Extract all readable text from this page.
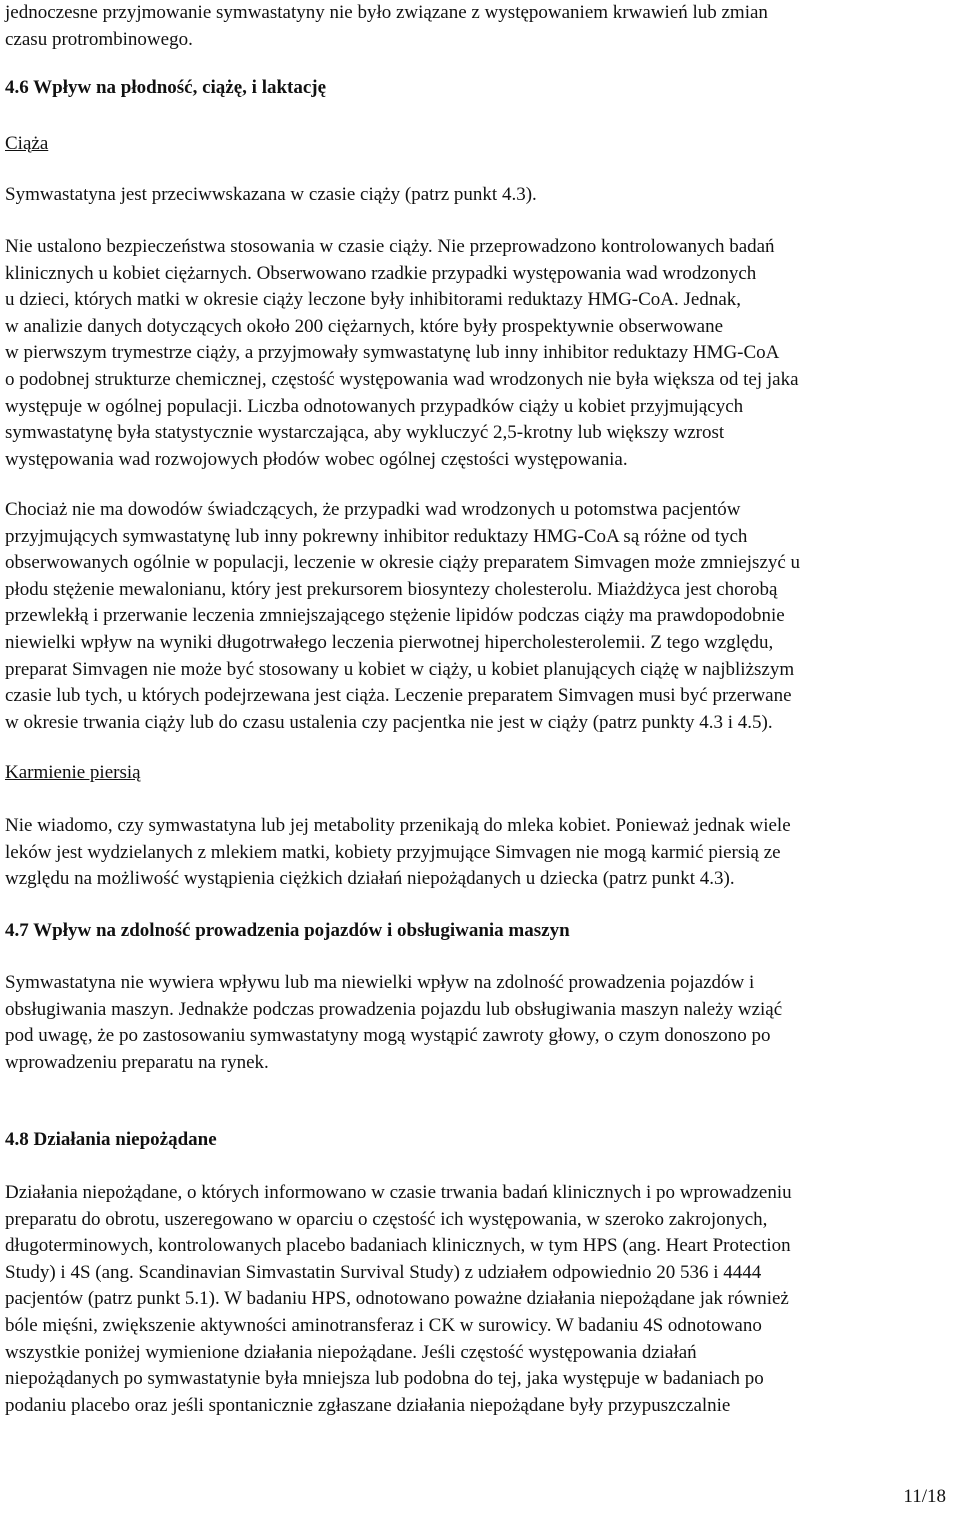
jednoczesne przyjmowanie symwastatyny nie było związane z występowaniem krwawień lub zmian
czasu protrombinowego.

4.6 Wpływ na płodność, ciążę, i laktację
Ciąża

Symwastatyna jest przeciwwskazana w czasie ciąży (patrz punkt 4.3).

Nie ustalono bezpieczeństwa stosowania w czasie ciąży. Nie przeprowadzono kontrolowanych badań
klinicznych u kobiet ciężarnych. Obserwowano rzadkie przypadki występowania wad wrodzonych
u dzieci, których matki w okresie ciąży leczone były inhibitorami reduktazy HMG-CoA. Jednak,
w analizie danych dotyczących około 200 ciężarnych, które były prospektywnie obserwowane
w pierwszym trymestrze ciąży, a przyjmowały symwastatynę lub inny inhibitor reduktazy HMG-CoA
o podobnej strukturze chemicznej, częstość występowania wad wrodzonych nie była większa od tej jaka
występuje w ogólnej populacji. Liczba odnotowanych przypadków ciąży u kobiet przyjmujących
symwastatynę była statystycznie wystarczająca, aby wykluczyć 2,5-krotny lub większy wzrost
występowania wad rozwojowych płodów wobec ogólnej częstości występowania.

Chociaż nie ma dowodów świadczących, że przypadki wad wrodzonych u potomstwa pacjentów
przyjmujących symwastatynę lub inny pokrewny inhibitor reduktazy HMG-CoA są różne od tych
obserwowanych ogólnie w populacji, leczenie w okresie ciąży preparatem Simvagen może zmniejszyć u
płodu stężenie mewalonianu, który jest prekursorem biosyntezy cholesterolu. Miażdżyca jest chorobą
przewlekłą i przerwanie leczenia zmniejszającego stężenie lipidów podczas ciąży ma prawdopodobnie
niewielki wpływ na wyniki długotrwałego leczenia pierwotnej hipercholesterolemii. Z tego względu,
preparat Simvagen nie może być stosowany u kobiet w ciąży, u kobiet planujących ciążę w najbliższym
czasie lub tych, u których podejrzewana jest ciąża. Leczenie preparatem Simvagen musi być przerwane
w okresie trwania ciąży lub do czasu ustalenia czy pacjentka nie jest w ciąży (patrz punkty 4.3 i 4.5).

Karmienie piersią

Nie wiadomo, czy symwastatyna lub jej metabolity przenikają do mleka kobiet. Ponieważ jednak wiele
leków jest wydzielanych z mlekiem matki, kobiety przyjmujące Simvagen nie mogą karmić piersią ze
względu na możliwość wystąpienia ciężkich działań niepożądanych u dziecka (patrz punkt 4.3).

4.7 Wpływ na zdolność prowadzenia pojazdów i obsługiwania maszyn

Symwastatyna nie wywiera wpływu lub ma niewielki wpływ na zdolność prowadzenia pojazdów i
obsługiwania maszyn. Jednakże podczas prowadzenia pojazdu lub obsługiwania maszyn należy wziąć
pod uwagę, że po zastosowaniu symwastatyny mogą wystąpić zawroty głowy, o czym donoszono po
wprowadzeniu preparatu na rynek.

4.8 Działania niepożądane

Działania niepożądane, o których informowano w czasie trwania badań klinicznych i po wprowadzeniu
preparatu do obrotu, uszeregowano w oparciu o częstość ich występowania, w szeroko zakrojonych,
długoterminowych, kontrolowanych placebo badaniach klinicznych, w tym HPS (ang. Heart Protection
Study) i 4S (ang. Scandinavian Simvastatin Survival Study) z udziałem odpowiednio 20 536 i 4444
pacjentów (patrz punkt 5.1). W badaniu HPS, odnotowano poważne działania niepożądane jak również
bóle mięśni, zwiększenie aktywności aminotransferaz i CK w surowicy. W badaniu 4S odnotowano
wszystkie poniżej wymienione działania niepożądane. Jeśli częstość występowania działań
niepożądanych po symwastatynie była mniejsza lub podobna do tej, jaka występuje w badaniach po
podaniu placebo oraz jeśli spontanicznie zgłaszane działania niepożądane były przypuszczalnie

11/18
